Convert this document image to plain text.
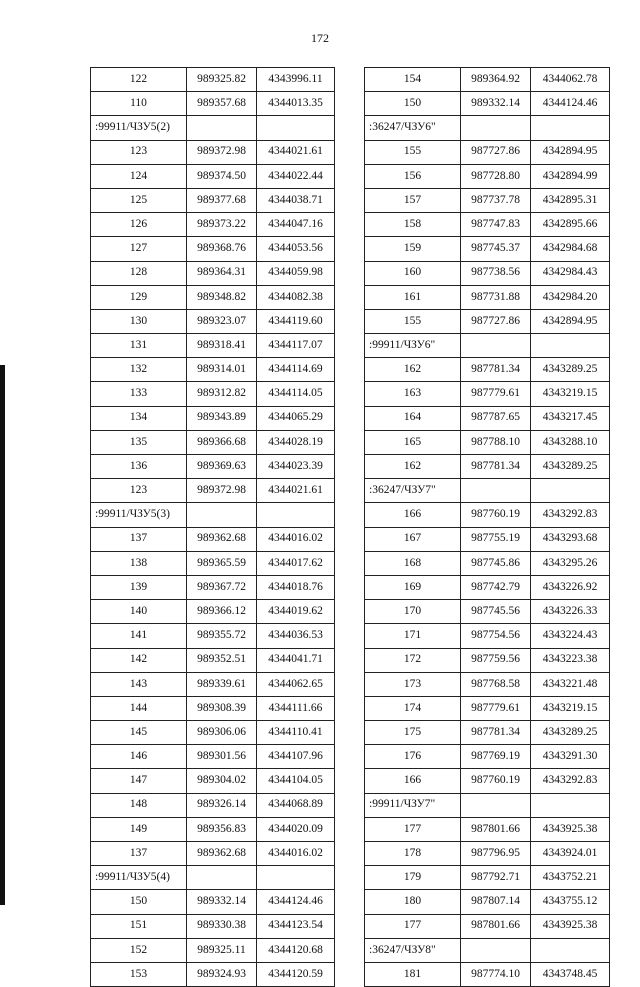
172
122	989325.82	4343996.11
110	989357.68	4344013.35
:99911/ЧЗУ5(2)		
123	989372.98	4344021.61
124	989374.50	4344022.44
125	989377.68	4344038.71
126	989373.22	4344047.16
127	989368.76	4344053.56
128	989364.31	4344059.98
129	989348.82	4344082.38
130	989323.07	4344119.60
131	989318.41	4344117.07
132	989314.01	4344114.69
133	989312.82	4344114.05
134	989343.89	4344065.29
135	989366.68	4344028.19
136	989369.63	4344023.39
123	989372.98	4344021.61
:99911/ЧЗУ5(3)		
137	989362.68	4344016.02
138	989365.59	4344017.62
139	989367.72	4344018.76
140	989366.12	4344019.62
141	989355.72	4344036.53
142	989352.51	4344041.71
143	989339.61	4344062.65
144	989308.39	4344111.66
145	989306.06	4344110.41
146	989301.56	4344107.96
147	989304.02	4344104.05
148	989326.14	4344068.89
149	989356.83	4344020.09
137	989362.68	4344016.02
:99911/ЧЗУ5(4)		
150	989332.14	4344124.46
151	989330.38	4344123.54
152	989325.11	4344120.68
153	989324.93	4344120.59
154	989364.92	4344062.78
150	989332.14	4344124.46
:36247/ЧЗУ6"		
155	987727.86	4342894.95
156	987728.80	4342894.99
157	987737.78	4342895.31
158	987747.83	4342895.66
159	987745.37	4342984.68
160	987738.56	4342984.43
161	987731.88	4342984.20
155	987727.86	4342894.95
:99911/ЧЗУ6"		
162	987781.34	4343289.25
163	987779.61	4343219.15
164	987787.65	4343217.45
165	987788.10	4343288.10
162	987781.34	4343289.25
:36247/ЧЗУ7"		
166	987760.19	4343292.83
167	987755.19	4343293.68
168	987745.86	4343295.26
169	987742.79	4343226.92
170	987745.56	4343226.33
171	987754.56	4343224.43
172	987759.56	4343223.38
173	987768.58	4343221.48
174	987779.61	4343219.15
175	987781.34	4343289.25
176	987769.19	4343291.30
166	987760.19	4343292.83
:99911/ЧЗУ7"		
177	987801.66	4343925.38
178	987796.95	4343924.01
179	987792.71	4343752.21
180	987807.14	4343755.12
177	987801.66	4343925.38
:36247/ЧЗУ8"		
181	987774.10	4343748.45
